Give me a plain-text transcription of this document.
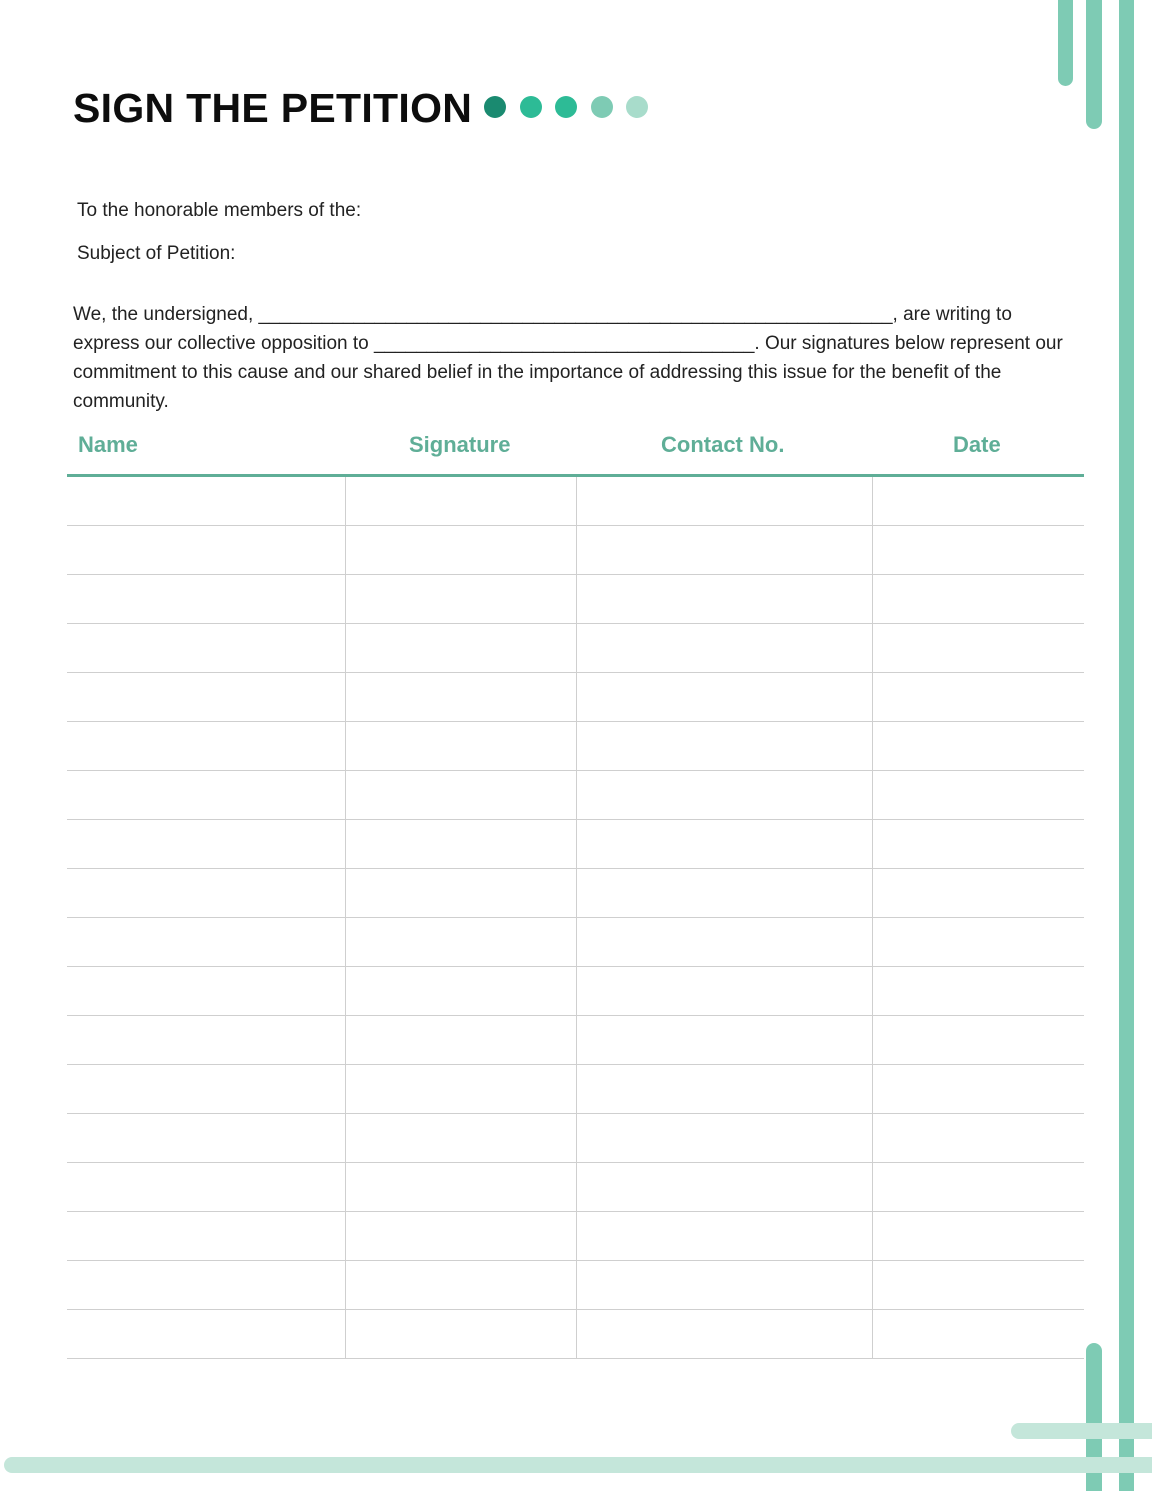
SIGN THE PETITION

To the honorable members of the:

Subject of Petition:

We, the undersigned, ____________________________________________________________, are writing to express our collective opposition to ____________________________________. Our signatures below represent our commitment to this cause and our shared belief in the importance of addressing this issue for the benefit of the community.

Name	Signature	Contact No.	Date
